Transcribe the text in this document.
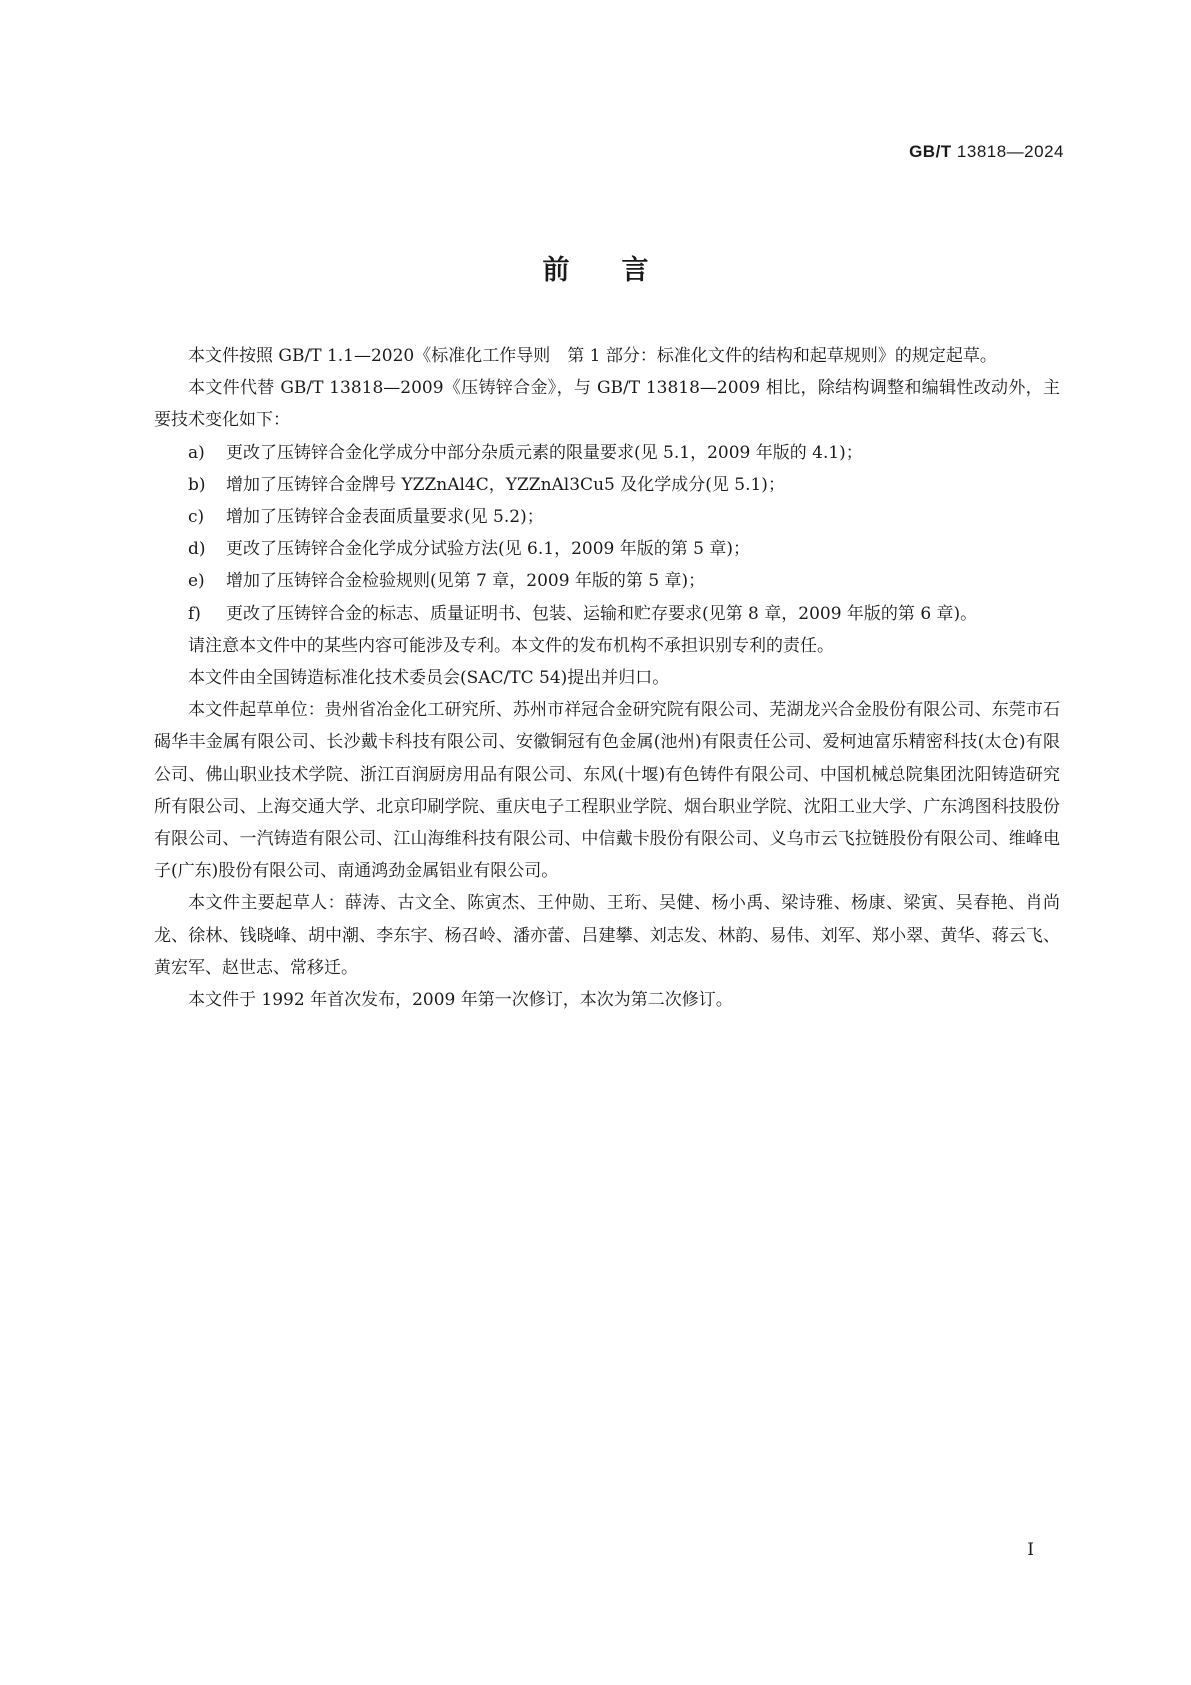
GB/T 13818—2024
前言

本文件按照 GB/T 1.1—2020《标准化工作导则　第 1 部分：标准化文件的结构和起草规则》的规定起草。

本文件代替 GB/T 13818—2009《压铸锌合金》，与 GB/T 13818—2009 相比，除结构调整和编辑性改动外，主要技术变化如下：

a)	更改了压铸锌合金化学成分中部分杂质元素的限量要求(见 5.1，2009 年版的 4.1)；
b)	增加了压铸锌合金牌号 YZZnAl4C，YZZnAl3Cu5 及化学成分(见 5.1)；
c)	增加了压铸锌合金表面质量要求(见 5.2)；
d)	更改了压铸锌合金化学成分试验方法(见 6.1，2009 年版的第 5 章)；
e)	增加了压铸锌合金检验规则(见第 7 章，2009 年版的第 5 章)；
f)	更改了压铸锌合金的标志、质量证明书、包装、运输和贮存要求(见第 8 章，2009 年版的第 6 章)。

请注意本文件中的某些内容可能涉及专利。本文件的发布机构不承担识别专利的责任。

本文件由全国铸造标准化技术委员会(SAC/TC 54)提出并归口。

本文件起草单位：贵州省冶金化工研究所、苏州市祥冠合金研究院有限公司、芜湖龙兴合金股份有限公司、东莞市石碣华丰金属有限公司、长沙戴卡科技有限公司、安徽铜冠有色金属(池州)有限责任公司、爱柯迪富乐精密科技(太仓)有限公司、佛山职业技术学院、浙江百润厨房用品有限公司、东风(十堰)有色铸件有限公司、中国机械总院集团沈阳铸造研究所有限公司、上海交通大学、北京印刷学院、重庆电子工程职业学院、烟台职业学院、沈阳工业大学、广东鸿图科技股份有限公司、一汽铸造有限公司、江山海维科技有限公司、中信戴卡股份有限公司、义乌市云飞拉链股份有限公司、维峰电子(广东)股份有限公司、南通鸿劲金属铝业有限公司。

本文件主要起草人：薛涛、古文全、陈寅杰、王仲勋、王珩、吴健、杨小禹、梁诗雅、杨康、梁寅、吴春艳、肖尚龙、徐林、钱晓峰、胡中潮、李东宇、杨召岭、潘亦蕾、吕建攀、刘志发、林韵、易伟、刘军、郑小翠、黄华、蒋云飞、黄宏军、赵世志、常移迁。

本文件于 1992 年首次发布，2009 年第一次修订，本次为第二次修订。

I
